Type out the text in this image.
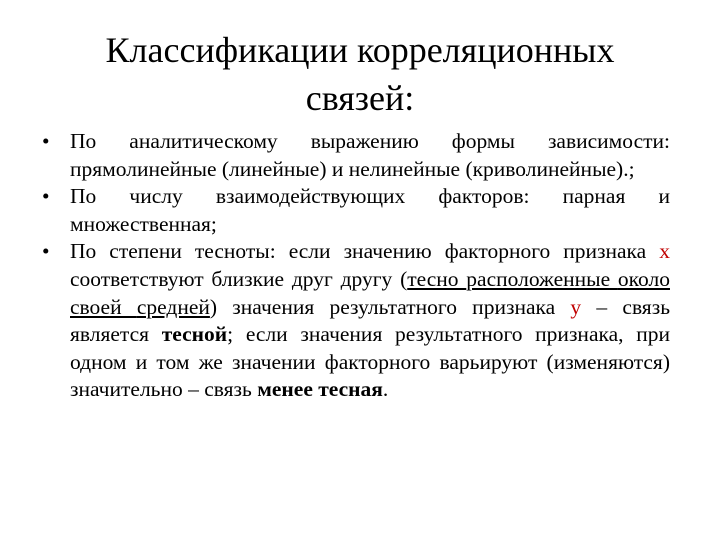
Классификации корреляционных
связей:
• По аналитическому выражению формы зависимости: прямолинейные (линейные) и нелинейные (криволинейные).;
• По числу взаимодействующих факторов: парная и множественная;
• По степени тесноты: если значению факторного признака x соответствуют близкие друг другу (тесно расположенные около своей средней) значения результатного признака y – связь является тесной; если значения результатного признака, при одном и том же значении факторного варьируют (изменяются) значительно – связь менее тесная.
